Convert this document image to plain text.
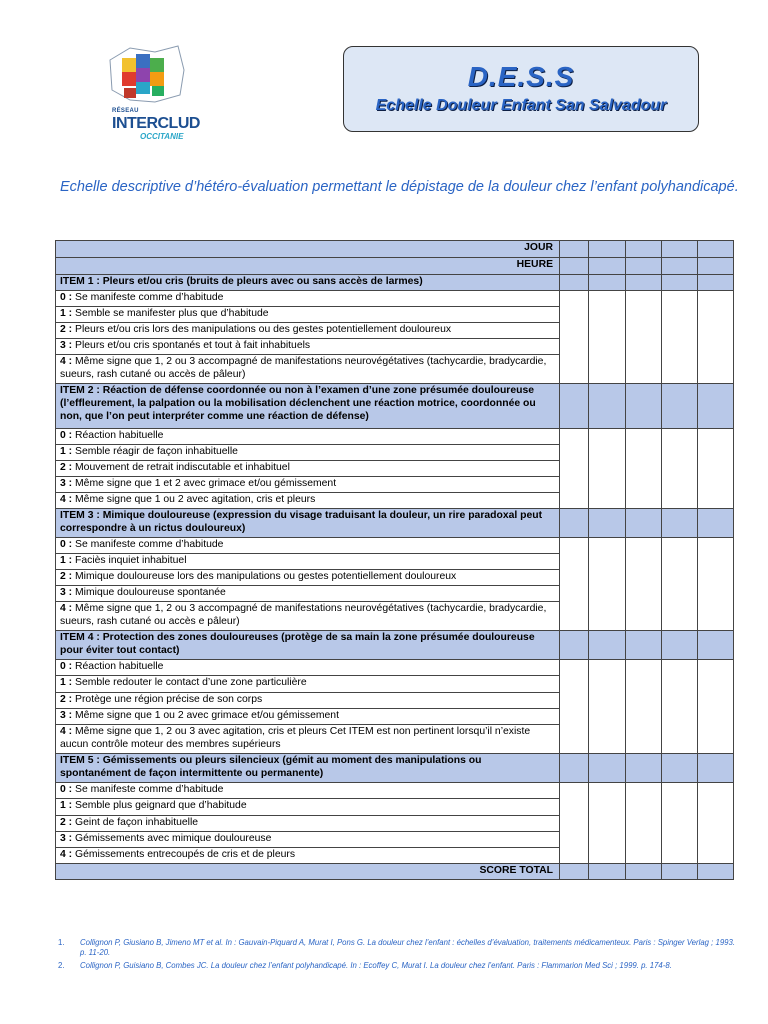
RÉSEAU
INTERCLUD
OCCITANIE
D.E.S.S
Echelle Douleur Enfant San Salvadour
Echelle descriptive d’hétéro-évaluation permettant le dépistage de la douleur chez l’enfant polyhandicapé.
JOUR					
HEURE					
ITEM 1 : Pleurs et/ou cris (bruits de pleurs avec ou sans accès de larmes)					
0 : Se manifeste comme d’habitude					
1 : Semble se manifester plus que d’habitude					
2 : Pleurs et/ou cris lors des manipulations ou des gestes potentiellement douloureux					
3 : Pleurs et/ou cris spontanés et tout à fait inhabituels					
4 : Même signe que 1, 2 ou 3 accompagné de manifestations neurovégétatives (tachycardie, bradycardie, sueurs, rash cutané ou accès de pâleur)					
ITEM 2 : Réaction de défense coordonnée ou non à l’examen d’une zone présumée douloureuse (l’effleurement, la palpation ou la mobilisation déclenchent une réaction motrice, coordonnée ou non, que l’on peut interpréter comme une réaction de défense)					
0 : Réaction habituelle					
1 : Semble réagir de façon inhabituelle					
2 : Mouvement de retrait indiscutable et inhabituel					
3 : Même signe que 1 et 2 avec grimace et/ou gémissement					
4 : Même signe que 1 ou 2 avec agitation, cris et pleurs					
ITEM 3 : Mimique douloureuse (expression du visage traduisant la douleur, un rire paradoxal peut correspondre à un rictus douloureux)					
0 : Se manifeste comme d’habitude					
1 : Faciès inquiet inhabituel					
2 : Mimique douloureuse lors des manipulations ou gestes potentiellement douloureux					
3 : Mimique douloureuse spontanée					
4 : Même signe que 1, 2 ou 3 accompagné de manifestations neurovégétatives (tachycardie, bradycardie, sueurs, rash cutané ou accès e pâleur)					
ITEM 4 : Protection des zones douloureuses (protège de sa main la zone présumée douloureuse pour éviter tout contact)					
0 : Réaction habituelle					
1 : Semble redouter le contact d’une zone particulière					
2 : Protège une région précise de son corps					
3 : Même signe que 1 ou 2 avec grimace et/ou gémissement					
4 : Même signe que 1, 2 ou 3 avec agitation, cris et pleurs Cet ITEM est non pertinent lorsqu’il n’existe aucun contrôle moteur des membres supérieurs					
ITEM 5 : Gémissements ou pleurs silencieux (gémit au moment des manipulations ou spontanément de façon intermittente ou permanente)					
0 : Se manifeste comme d’habitude					
1 : Semble plus geignard que d’habitude					
2 : Geint de façon inhabituelle					
3 : Gémissements avec mimique douloureuse					
4 : Gémissements entrecoupés de cris et de pleurs					
SCORE TOTAL					
1.	Collignon P, Giusiano B, Jimeno MT et al. In : Gauvain-Piquard A, Murat I, Pons G. La douleur chez l’enfant : échelles d’évaluation, traitements médicamenteux. Paris : Spinger Verlag ; 1993. p. 11-20.
2.	Collignon P, Guisiano B, Combes JC. La douleur chez l’enfant polyhandicapé. In : Ecoffey C, Murat I. La douleur chez l’enfant. Paris : Flammarion Med Sci ; 1999. p. 174-8.
